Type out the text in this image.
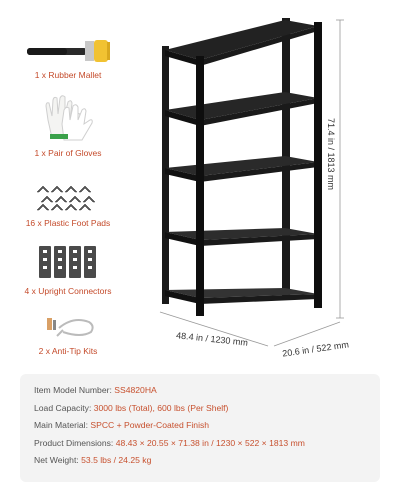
1 x Rubber Mallet
1 x Pair of Gloves
16 x Plastic Foot Pads
4 x Upright Connectors
2 x Anti-Tip Kits
71.4 in / 1813 mm
48.4 in / 1230 mm
20.6 in / 522 mm
Item Model Number: SS4820HA
Load Capacity: 3000 lbs (Total), 600 lbs (Per Shelf)
Main Material: SPCC + Powder-Coated Finish
Product Dimensions: 48.43 × 20.55 × 71.38 in / 1230 × 522 × 1813 mm
Net Weight: 53.5 lbs / 24.25 kg
